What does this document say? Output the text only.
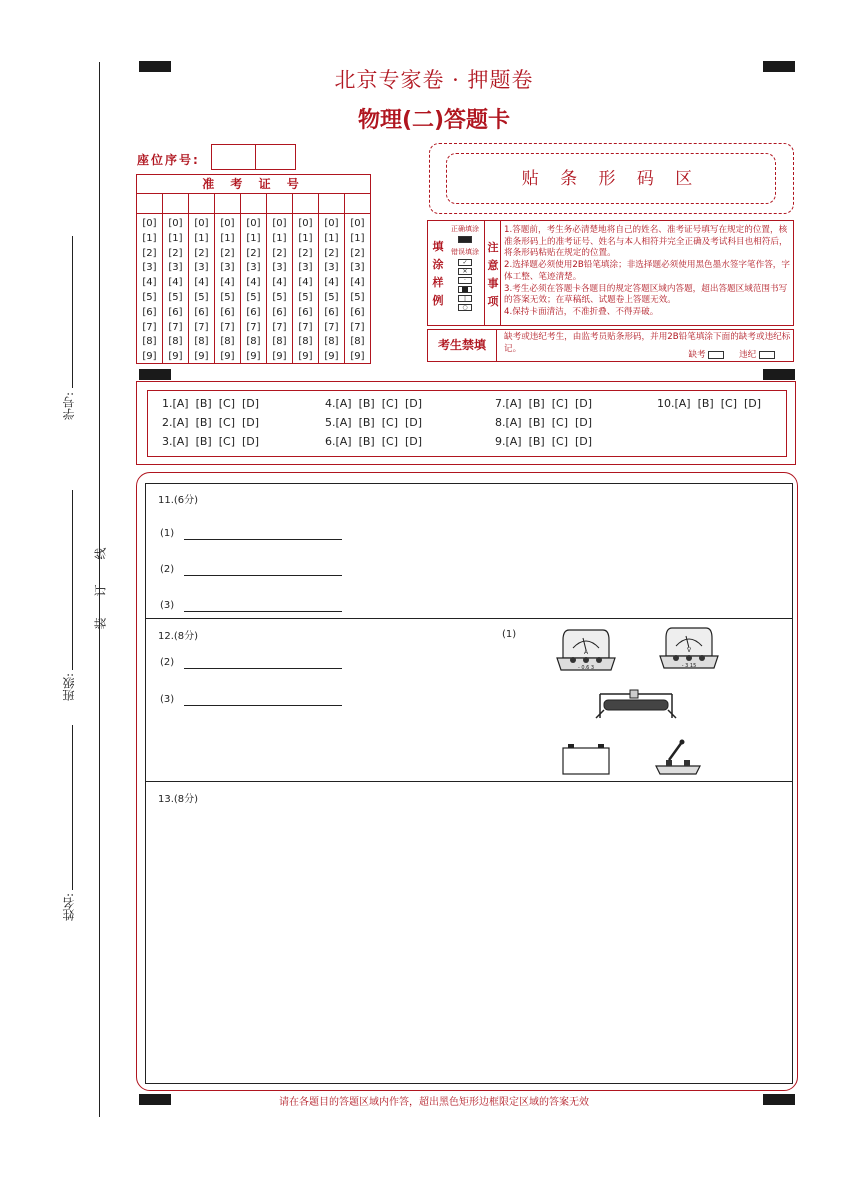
北京专家卷 · 押题卷
物理(二)答题卡
座位序号:
准 考 证 号
[0]
[1]
[2]
[3]
[4]
[5]
[6]
[7]
[8]
[9]
[0]
[1]
[2]
[3]
[4]
[5]
[6]
[7]
[8]
[9]
[0]
[1]
[2]
[3]
[4]
[5]
[6]
[7]
[8]
[9]
[0]
[1]
[2]
[3]
[4]
[5]
[6]
[7]
[8]
[9]
[0]
[1]
[2]
[3]
[4]
[5]
[6]
[7]
[8]
[9]
[0]
[1]
[2]
[3]
[4]
[5]
[6]
[7]
[8]
[9]
[0]
[1]
[2]
[3]
[4]
[5]
[6]
[7]
[8]
[9]
[0]
[1]
[2]
[3]
[4]
[5]
[6]
[7]
[8]
[9]
[0]
[1]
[2]
[3]
[4]
[5]
[6]
[7]
[8]
[9]
贴 条 形 码 区
填涂样例
正确填涂
错误填涂
✓
✕
·
|
○
注意事项
1.答题前，考生务必清楚地将自己的姓名、准考证号填写在规定的位置，核准条形码上的准考证号、姓名与本人相符并完全正确及考试科目也相符后，将条形码粘贴在规定的位置。
2.选择题必须使用2B铅笔填涂；非选择题必须使用黑色墨水签字笔作答，字体工整、笔迹清楚。
3.考生必须在答题卡各题目的规定答题区域内答题，超出答题区域范围书写的答案无效；在草稿纸、试题卷上答题无效。
4.保持卡面清洁，不准折叠、不得弄破。
考生禁填
缺考或违纪考生，由监考员贴条形码，并用2B铅笔填涂下面的缺考或违纪标记。
缺考	违纪
1.[A]  [B]  [C]  [D]
2.[A]  [B]  [C]  [D]
3.[A]  [B]  [C]  [D]
4.[A]  [B]  [C]  [D]
5.[A]  [B]  [C]  [D]
6.[A]  [B]  [C]  [D]
7.[A]  [B]  [C]  [D]
8.[A]  [B]  [C]  [D]
9.[A]  [B]  [C]  [D]
10.[A]  [B]  [C]  [D]
11.(6分)
(1)
(2)
(3)
12.(8分)
(2)
(3)
(1)
A
- 0.6 3
V
- 3 15
13.(8分)
学号:
班级:
姓名:
装
订
线
请在各题目的答题区域内作答，超出黑色矩形边框限定区域的答案无效
